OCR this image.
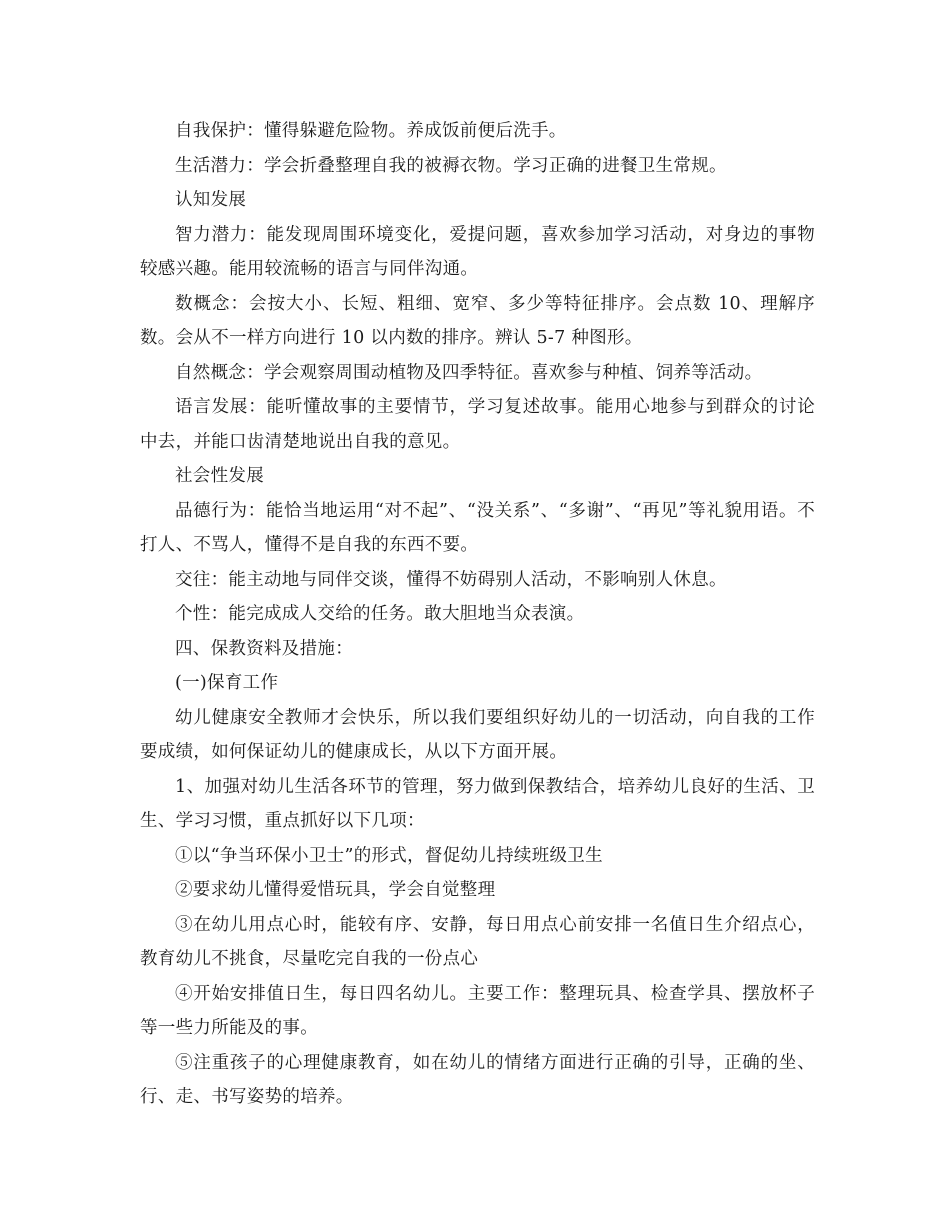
自我保护：懂得躲避危险物。养成饭前便后洗手。

生活潜力：学会折叠整理自我的被褥衣物。学习正确的进餐卫生常规。

认知发展

智力潜力：能发现周围环境变化，爱提问题，喜欢参加学习活动，对身边的事物较感兴趣。能用较流畅的语言与同伴沟通。

数概念：会按大小、长短、粗细、宽窄、多少等特征排序。会点数 10、理解序数。会从不一样方向进行 10 以内数的排序。辨认 5-7 种图形。

自然概念：学会观察周围动植物及四季特征。喜欢参与种植、饲养等活动。

语言发展：能听懂故事的主要情节，学习复述故事。能用心地参与到群众的讨论中去，并能口齿清楚地说出自我的意见。

社会性发展

品德行为：能恰当地运用“对不起”、“没关系”、“多谢”、“再见”等礼貌用语。不打人、不骂人，懂得不是自我的东西不要。

交往：能主动地与同伴交谈，懂得不妨碍别人活动，不影响别人休息。

个性：能完成成人交给的任务。敢大胆地当众表演。

四、保教资料及措施：

(一)保育工作

幼儿健康安全教师才会快乐，所以我们要组织好幼儿的一切活动，向自我的工作要成绩，如何保证幼儿的健康成长，从以下方面开展。

1、加强对幼儿生活各环节的管理，努力做到保教结合，培养幼儿良好的生活、卫生、学习习惯，重点抓好以下几项：

①以“争当环保小卫士”的形式，督促幼儿持续班级卫生

②要求幼儿懂得爱惜玩具，学会自觉整理

③在幼儿用点心时，能较有序、安静，每日用点心前安排一名值日生介绍点心，教育幼儿不挑食，尽量吃完自我的一份点心

④开始安排值日生，每日四名幼儿。主要工作：整理玩具、检查学具、摆放杯子等一些力所能及的事。

⑤注重孩子的心理健康教育，如在幼儿的情绪方面进行正确的引导，正确的坐、行、走、书写姿势的培养。
